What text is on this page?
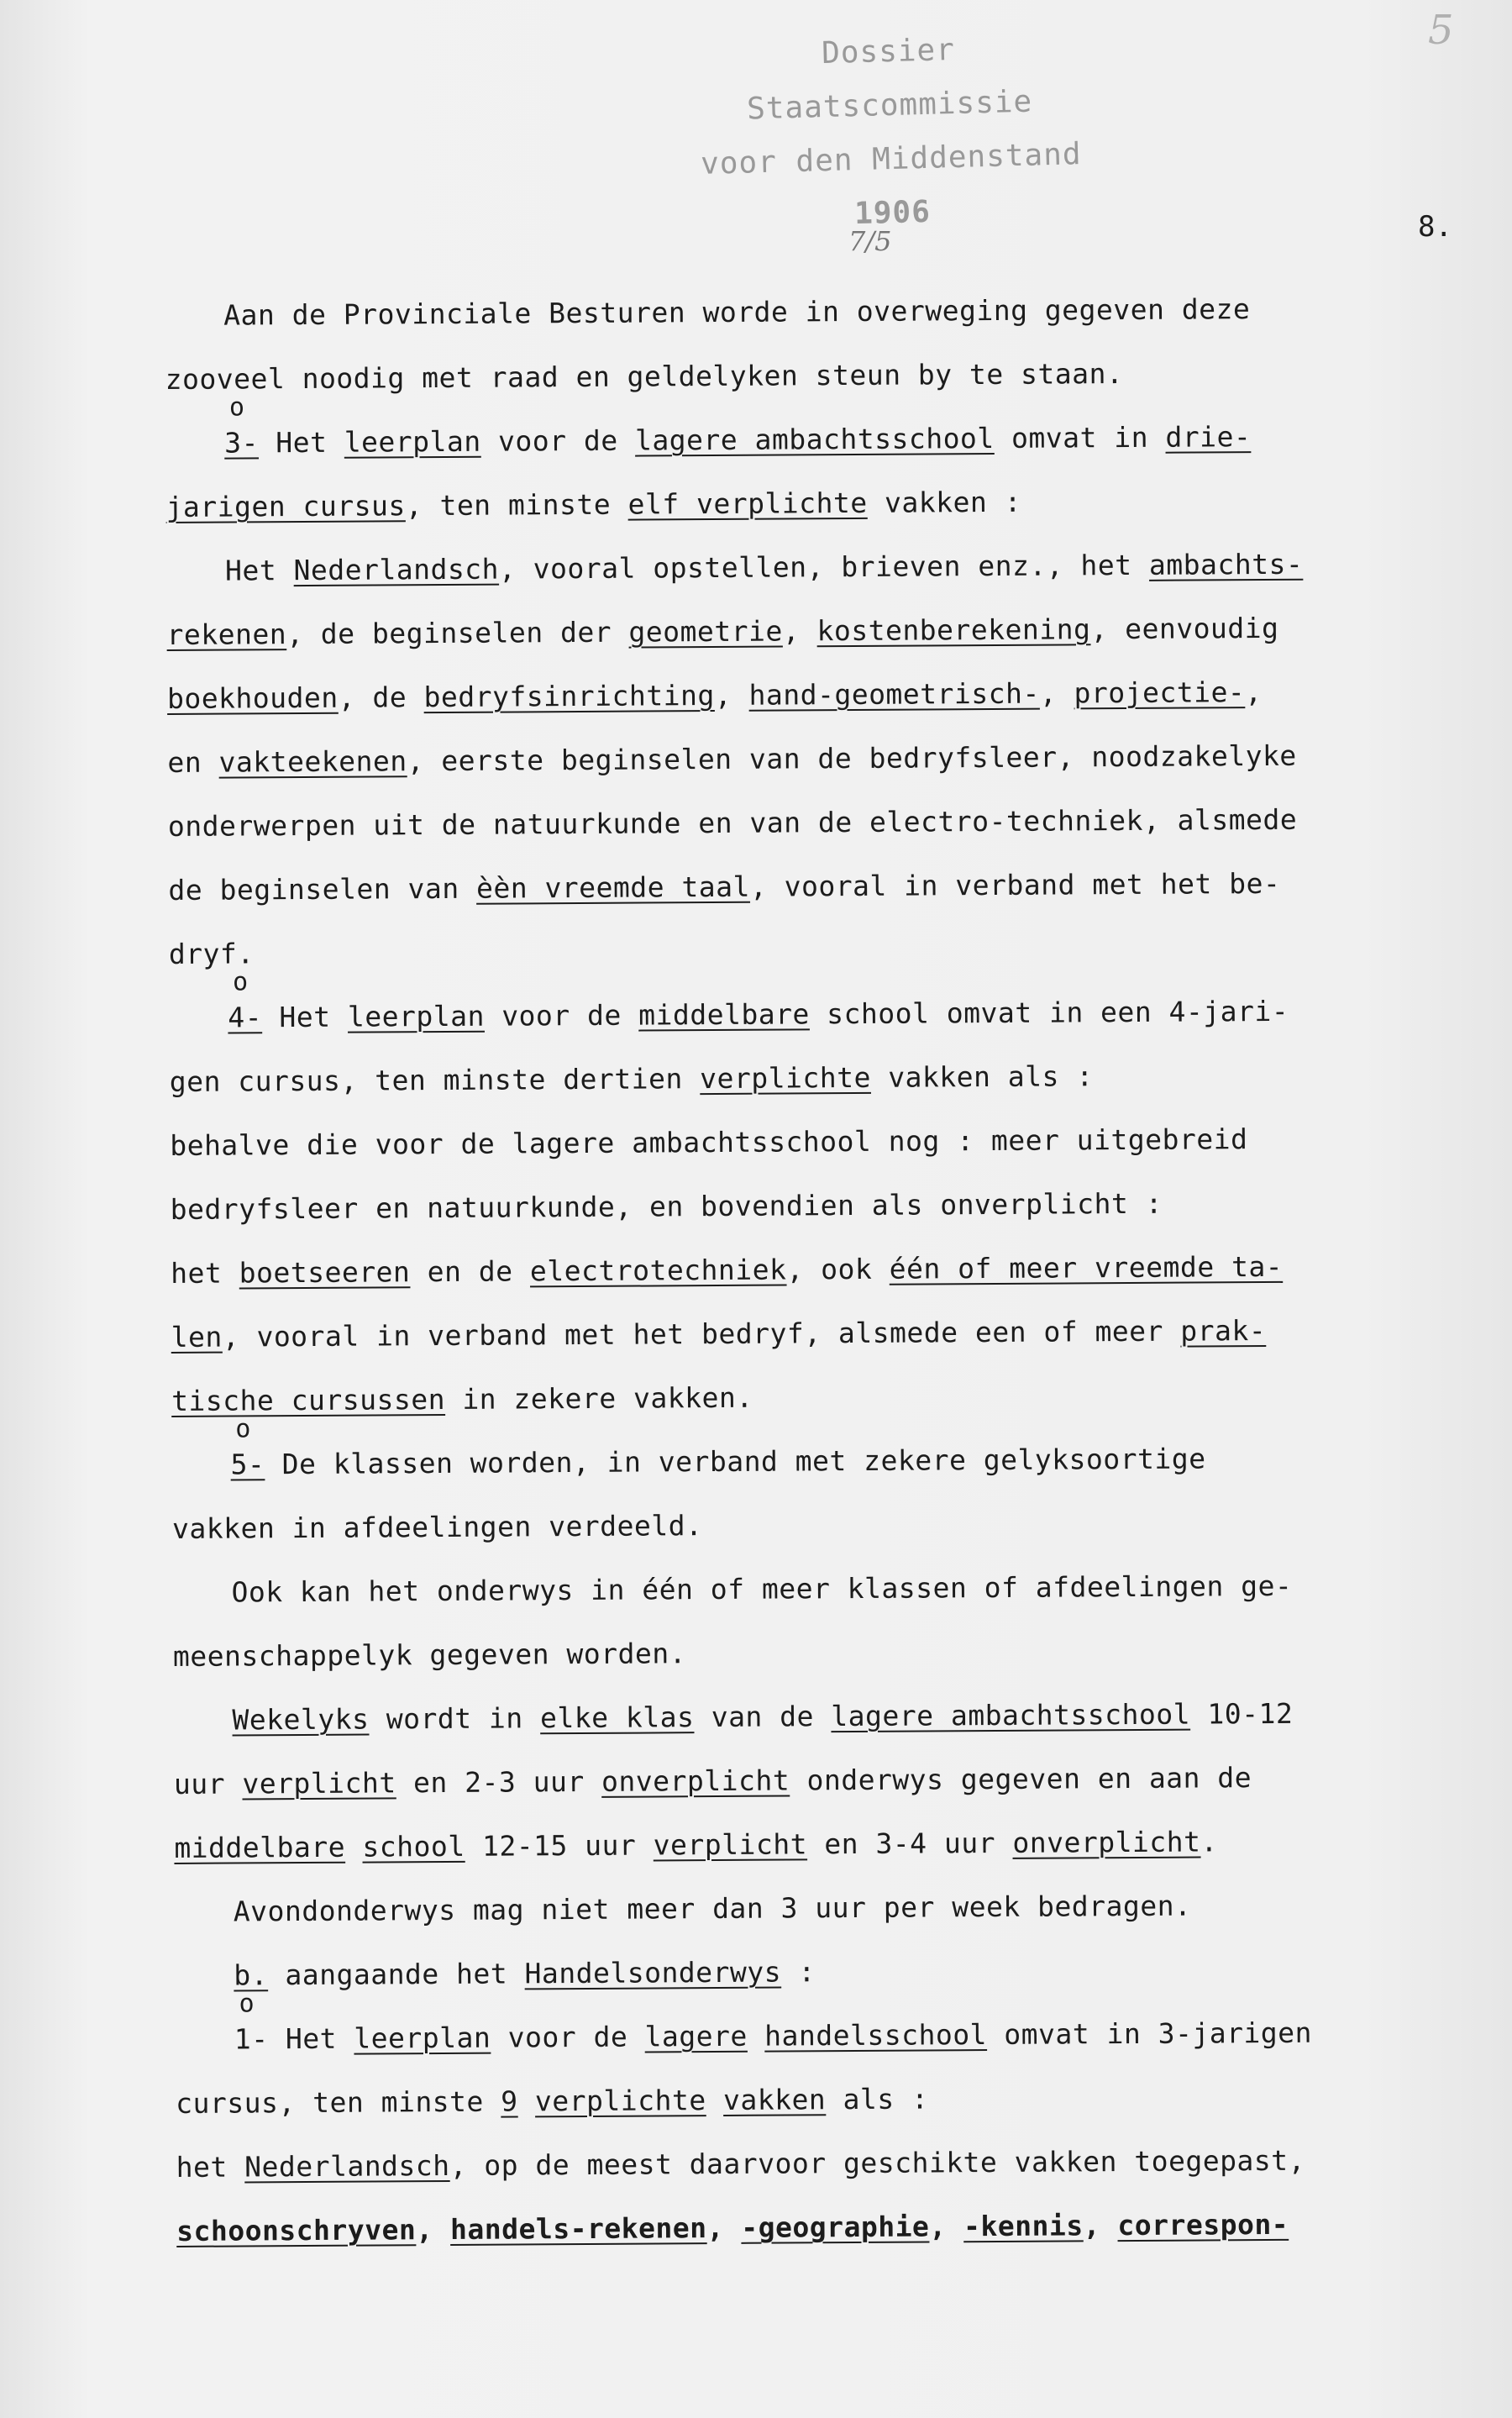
5
Dossier
Staatscommissie
voor den Middenstand
1906
7/5	8.
Aan de Provinciale Besturen worde in overweging gegeven deze
zooveel noodig met raad en geldelyken steun by te staan.
3-
o
Het leerplan voor de lagere ambachtsschool omvat in drie-
jarigen cursus, ten minste elf verplichte vakken :
Het Nederlandsch, vooral opstellen, brieven enz., het ambachts-
rekenen, de beginselen der geometrie, kostenberekening, eenvoudig
boekhouden, de bedryfsinrichting, hand-geometrisch-, projectie-,
en vakteekenen, eerste beginselen van de bedryfsleer, noodzakelyke
onderwerpen uit de natuurkunde en van de electro-techniek, alsmede
de beginselen van èèn vreemde taal, vooral in verband met het be-
dryf.
4-
o
Het leerplan voor de middelbare school omvat in een 4-jari-
gen cursus, ten minste dertien verplichte vakken als :
behalve die voor de lagere ambachtsschool nog : meer uitgebreid
bedryfsleer en natuurkunde, en bovendien als onverplicht :
het boetseeren en de electrotechniek, ook één of meer vreemde ta-
len, vooral in verband met het bedryf, alsmede een of meer prak-
tische cursussen in zekere vakken.
5-
o
De klassen worden, in verband met zekere gelyksoortige
vakken in afdeelingen verdeeld.
Ook kan het onderwys in één of meer klassen of afdeelingen ge-
meenschappelyk gegeven worden.
Wekelyks wordt in elke klas van de lagere ambachtsschool 10-12
uur verplicht en 2-3 uur onverplicht onderwys gegeven en aan de
middelbare school 12-15 uur verplicht en 3-4 uur onverplicht.
Avondonderwys mag niet meer dan 3 uur per week bedragen.
b. aangaande het Handelsonderwys :
1-
o
Het leerplan voor de lagere handelsschool omvat in 3-jarigen
cursus, ten minste 9 verplichte vakken als :
het Nederlandsch, op de meest daarvoor geschikte vakken toegepast,
schoonschryven, handels-rekenen, -geographie, -kennis, correspon-
